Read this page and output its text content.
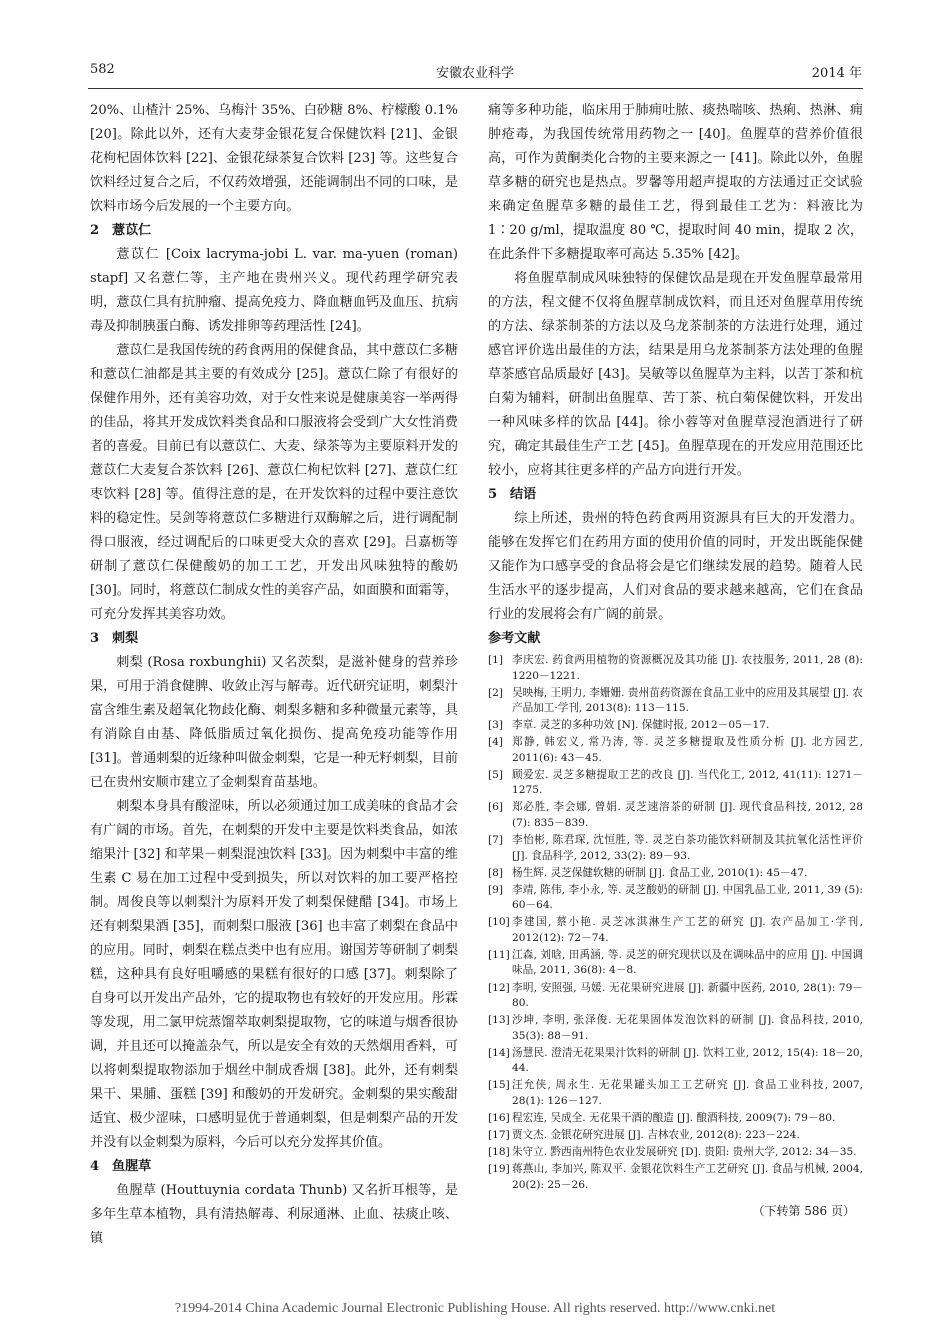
582	安徽农业科学	2014 年

20%、山楂汁 25%、乌梅汁 35%、白砂糖 8%、柠檬酸 0.1% [20]。除此以外，还有大麦芽金银花复合保健饮料 [21]、金银花枸杞固体饮料 [22]、金银花绿茶复合饮料 [23] 等。这些复合饮料经过复合之后，不仅药效增强，还能调制出不同的口味，是饮料市场今后发展的一个主要方向。

2 薏苡仁

薏苡仁 [Coix lacryma-jobi L. var. ma-yuen (roman) stapf] 又名薏仁等，主产地在贵州兴义。现代药理学研究表明，薏苡仁具有抗肿瘤、提高免疫力、降血糖血钙及血压、抗病毒及抑制胰蛋白酶、诱发排卵等药理活性 [24]。

薏苡仁是我国传统的药食两用的保健食品，其中薏苡仁多糖和薏苡仁油都是其主要的有效成分 [25]。薏苡仁除了有很好的保健作用外，还有美容功效，对于女性来说是健康美容一举两得的佳品，将其开发成饮料类食品和口服液将会受到广大女性消费者的喜爱。目前已有以薏苡仁、大麦、绿茶等为主要原料开发的薏苡仁大麦复合茶饮料 [26]、薏苡仁枸杞饮料 [27]、薏苡仁红枣饮料 [28] 等。值得注意的是，在开发饮料的过程中要注意饮料的稳定性。吴剑等将薏苡仁多糖进行双酶解之后，进行调配制得口服液，经过调配后的口味更受大众的喜欢 [29]。吕嘉枥等研制了薏苡仁保健酸奶的加工工艺，开发出风味独特的酸奶 [30]。同时，将薏苡仁制成女性的美容产品，如面膜和面霜等，可充分发挥其美容功效。

3 刺梨

刺梨 (Rosa roxbunghii) 又名茨梨，是滋补健身的营养珍果，可用于消食健脾、收敛止泻与解毒。近代研究证明，刺梨汁富含维生素及超氧化物歧化酶、刺梨多糖和多种微量元素等，具有消除自由基、降低脂质过氧化损伤、提高免疫功能等作用 [31]。普通刺梨的近缘种叫做金刺梨，它是一种无籽刺梨，目前已在贵州安顺市建立了金刺梨育苗基地。

刺梨本身具有酸涩味，所以必须通过加工成美味的食品才会有广阔的市场。首先，在刺梨的开发中主要是饮料类食品，如浓缩果汁 [32] 和苹果－刺梨混浊饮料 [33]。因为刺梨中丰富的维生素 C 易在加工过程中受到损失，所以对饮料的加工要严格控制。周俊良等以刺梨汁为原料开发了刺梨保健醋 [34]。市场上还有刺梨果酒 [35]，而刺梨口服液 [36] 也丰富了刺梨在食品中的应用。同时，刺梨在糕点类中也有应用。谢国芳等研制了刺梨糕，这种具有良好咀嚼感的果糕有很好的口感 [37]。刺梨除了自身可以开发出产品外，它的提取物也有较好的开发应用。彤霖等发现，用二氯甲烷蒸馏萃取刺梨提取物，它的味道与烟香很协调，并且还可以掩盖杂气，所以是安全有效的天然烟用香料，可以将刺梨提取物添加于烟丝中制成香烟 [38]。此外，还有刺梨果干、果脯、蛋糕 [39] 和酸奶的开发研究。金刺梨的果实酸甜适宜、极少涩味，口感明显优于普通刺梨，但是刺梨产品的开发并没有以金刺梨为原料，今后可以充分发挥其价值。

4 鱼腥草

鱼腥草 (Houttuynia cordata Thunb) 又名折耳根等，是多年生草本植物，具有清热解毒、利尿通淋、止血、祛痰止咳、镇

痛等多种功能，临床用于肺痈吐脓、痰热喘咳、热痢、热淋、痈肿疮毒，为我国传统常用药物之一 [40]。鱼腥草的营养价值很高，可作为黄酮类化合物的主要来源之一 [41]。除此以外，鱼腥草多糖的研究也是热点。罗馨等用超声提取的方法通过正交试验来确定鱼腥草多糖的最佳工艺，得到最佳工艺为：料液比为 1∶20 g/ml，提取温度 80 ℃，提取时间 40 min，提取 2 次，在此条件下多糖提取率可高达 5.35% [42]。

将鱼腥草制成风味独特的保健饮品是现在开发鱼腥草最常用的方法，程文健不仅将鱼腥草制成饮料，而且还对鱼腥草用传统的方法、绿茶制茶的方法以及乌龙茶制茶的方法进行处理，通过感官评价选出最佳的方法，结果是用乌龙茶制茶方法处理的鱼腥草茶感官品质最好 [43]。吴敏等以鱼腥草为主料，以苦丁茶和杭白菊为辅料，研制出鱼腥草、苦丁茶、杭白菊保健饮料，开发出一种风味多样的饮品 [44]。徐小蓉等对鱼腥草浸泡酒进行了研究，确定其最佳生产工艺 [45]。鱼腥草现在的开发应用范围还比较小，应将其往更多样的产品方向进行开发。

5 结语

综上所述，贵州的特色药食两用资源具有巨大的开发潜力。能够在发挥它们在药用方面的使用价值的同时，开发出既能保健又能作为口感享受的食品将会是它们继续发展的趋势。随着人民生活水平的逐步提高，人们对食品的要求越来越高，它们在食品行业的发展将会有广阔的前景。

参考文献
[1] 李庆宏. 药食两用植物的资源概况及其功能 [J]. 农技服务, 2011, 28 (8): 1220－1221.
[2] 吴映梅, 王明力, 李姗姗. 贵州苗药资源在食品工业中的应用及其展望 [J]. 农产品加工·学刊, 2013(8): 113－115.
[3] 李章. 灵芝的多种功效 [N]. 保健时报, 2012－05－17.
[4] 郑静, 韩宏义, 常乃涛, 等. 灵芝多糖提取及性质分析 [J]. 北方园艺, 2011(6): 43－45.
[5] 顾爱宏. 灵芝多糖提取工艺的改良 [J]. 当代化工, 2012, 41(11): 1271－1275.
[6] 郑必胜, 李会娜, 曾娟. 灵芝速溶茶的研制 [J]. 现代食品科技, 2012, 28 (7): 835－839.
[7] 李怡彬, 陈君琛, 沈恒胜, 等. 灵芝白茶功能饮料研制及其抗氧化活性评价 [J]. 食品科学, 2012, 33(2): 89－93.
[8] 杨生辉. 灵芝保健软糖的研制 [J]. 食品工业, 2010(1): 45－47.
[9] 李靖, 陈伟, 李小永, 等. 灵芝酸奶的研制 [J]. 中国乳品工业, 2011, 39 (5): 60－64.
[10] 李建国, 蔡小艳. 灵芝冰淇淋生产工艺的研究 [J]. 农产品加工·学刊, 2012(12): 72－74.
[11] 江森, 刘晗, 田禹涵, 等. 灵芝的研究现状以及在调味品中的应用 [J]. 中国调味品, 2011, 36(8): 4－8.
[12] 李明, 安照强, 马媛. 无花果研究进展 [J]. 新疆中医药, 2010, 28(1): 79－80.
[13] 沙坤, 李明, 张泽俊. 无花果固体发泡饮料的研制 [J]. 食品科技, 2010, 35(3): 88－91.
[14] 汤慧民. 澄清无花果果汁饮料的研制 [J]. 饮料工业, 2012, 15(4): 18－20, 44.
[15] 汪允侠, 周永生. 无花果罐头加工工艺研究 [J]. 食品工业科技, 2007, 28(1): 126－127.
[16] 程宏连, 吴成全. 无花果干酒的酿造 [J]. 酿酒科技, 2009(7): 79－80.
[17] 贾文杰. 金银花研究进展 [J]. 吉林农业, 2012(8): 223－224.
[18] 朱守立. 黔西南州特色农业发展研究 [D]. 贵阳: 贵州大学, 2012: 34－35.
[19] 蒋燕山, 李加兴, 陈双平. 金银花饮料生产工艺研究 [J]. 食品与机械, 2004, 20(2): 25－26.
（下转第 586 页）
?1994-2014 China Academic Journal Electronic Publishing House. All rights reserved. http://www.cnki.net
